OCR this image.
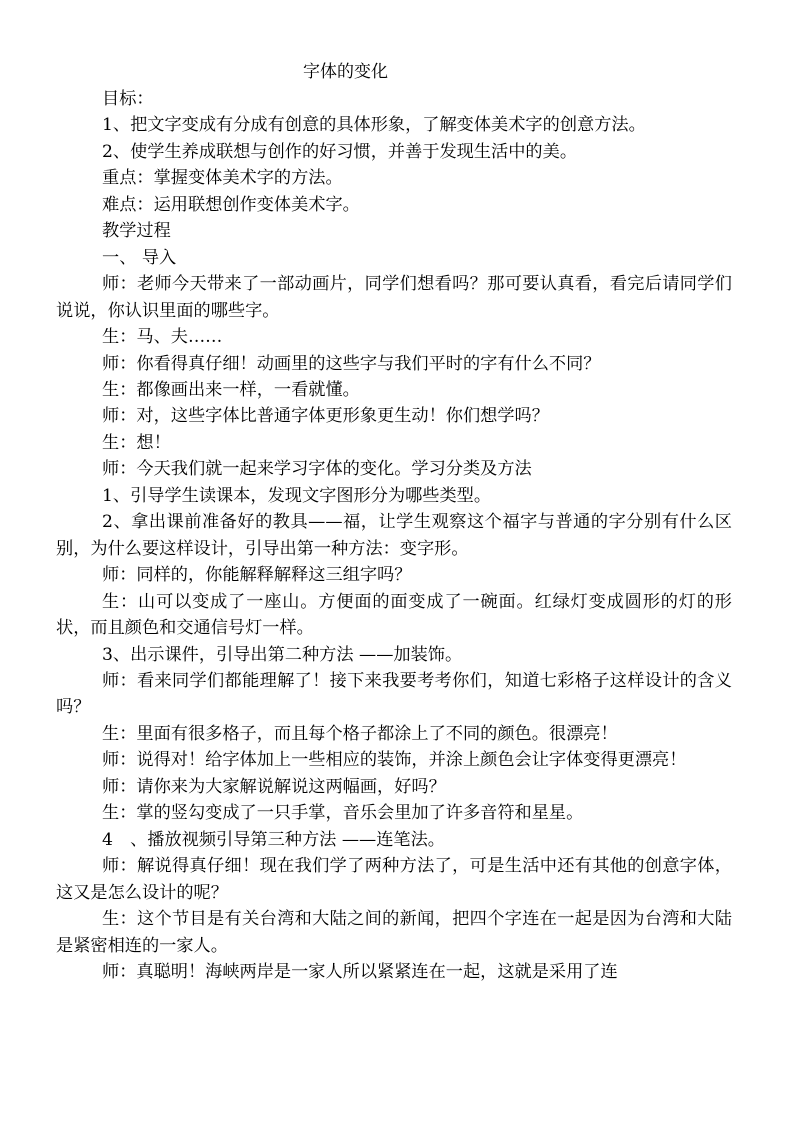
字体的变化

目标：

1、把文字变成有分成有创意的具体形象，了解变体美术字的创意方法。

2、使学生养成联想与创作的好习惯，并善于发现生活中的美。

重点：掌握变体美术字的方法。

难点：运用联想创作变体美术字。

教学过程

一、 导入

师：老师今天带来了一部动画片，同学们想看吗？那可要认真看，看完后请同学们说说，你认识里面的哪些字。

生：马、夫……

师：你看得真仔细！动画里的这些字与我们平时的字有什么不同？

生：都像画出来一样，一看就懂。

师：对，这些字体比普通字体更形象更生动！你们想学吗？

生：想！

师：今天我们就一起来学习字体的变化。学习分类及方法

1、引导学生读课本，发现文字图形分为哪些类型。

2、拿出课前准备好的教具——福，让学生观察这个福字与普通的字分别有什么区别，为什么要这样设计，引导出第一种方法：变字形。

师：同样的，你能解释解释这三组字吗？

生：山可以变成了一座山。方便面的面变成了一碗面。红绿灯变成圆形的灯的形状，而且颜色和交通信号灯一样。

3、出示课件，引导出第二种方法 ——加装饰。

师：看来同学们都能理解了！接下来我要考考你们，知道七彩格子这样设计的含义吗？

生：里面有很多格子，而且每个格子都涂上了不同的颜色。很漂亮！

师：说得对！给字体加上一些相应的装饰，并涂上颜色会让字体变得更漂亮！

师：请你来为大家解说解说这两幅画，好吗？

生：掌的竖勾变成了一只手掌，音乐会里加了许多音符和星星。

4　、播放视频引导第三种方法 ——连笔法。

师：解说得真仔细！现在我们学了两种方法了，可是生活中还有其他的创意字体，这又是怎么设计的呢？

生：这个节目是有关台湾和大陆之间的新闻，把四个字连在一起是因为台湾和大陆是紧密相连的一家人。

师：真聪明！海峡两岸是一家人所以紧紧连在一起，这就是采用了连
